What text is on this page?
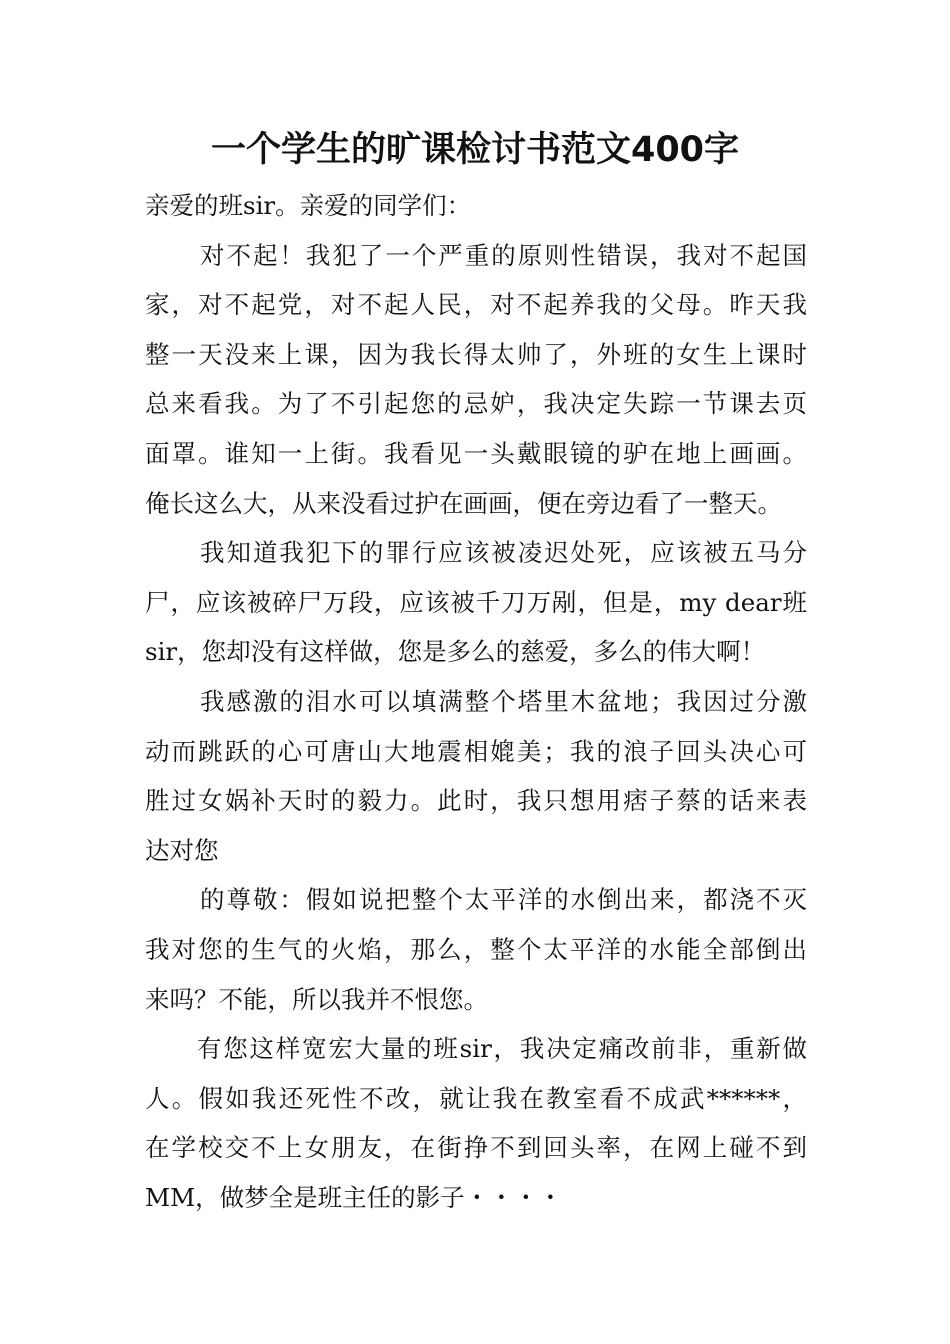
一个学生的旷课检讨书范文400字
亲爱的班sir。亲爱的同学们：
对不起！我犯了一个严重的原则性错误，我对不起国
家，对不起党，对不起人民，对不起养我的父母。昨天我
整一天没来上课，因为我长得太帅了，外班的女生上课时
总来看我。为了不引起您的忌妒，我决定失踪一节课去页
面罩。谁知一上街。我看见一头戴眼镜的驴在地上画画。
俺长这么大，从来没看过护在画画，便在旁边看了一整天。
我知道我犯下的罪行应该被凌迟处死，应该被五马分
尸，应该被碎尸万段，应该被千刀万剐，但是，my dear班
sir，您却没有这样做，您是多么的慈爱，多么的伟大啊！
我感激的泪水可以填满整个塔里木盆地；我因过分激
动而跳跃的心可唐山大地震相媲美；我的浪子回头决心可
胜过女娲补天时的毅力。此时，我只想用痞子蔡的话来表
达对您
的尊敬：假如说把整个太平洋的水倒出来，都浇不灭
我对您的生气的火焰，那么，整个太平洋的水能全部倒出
来吗？不能，所以我并不恨您。
有您这样宽宏大量的班sir，我决定痛改前非，重新做
人。假如我还死性不改，就让我在教室看不成武******，
在学校交不上女朋友，在街挣不到回头率，在网上碰不到
MM，做梦全是班主任的影子・・・・
